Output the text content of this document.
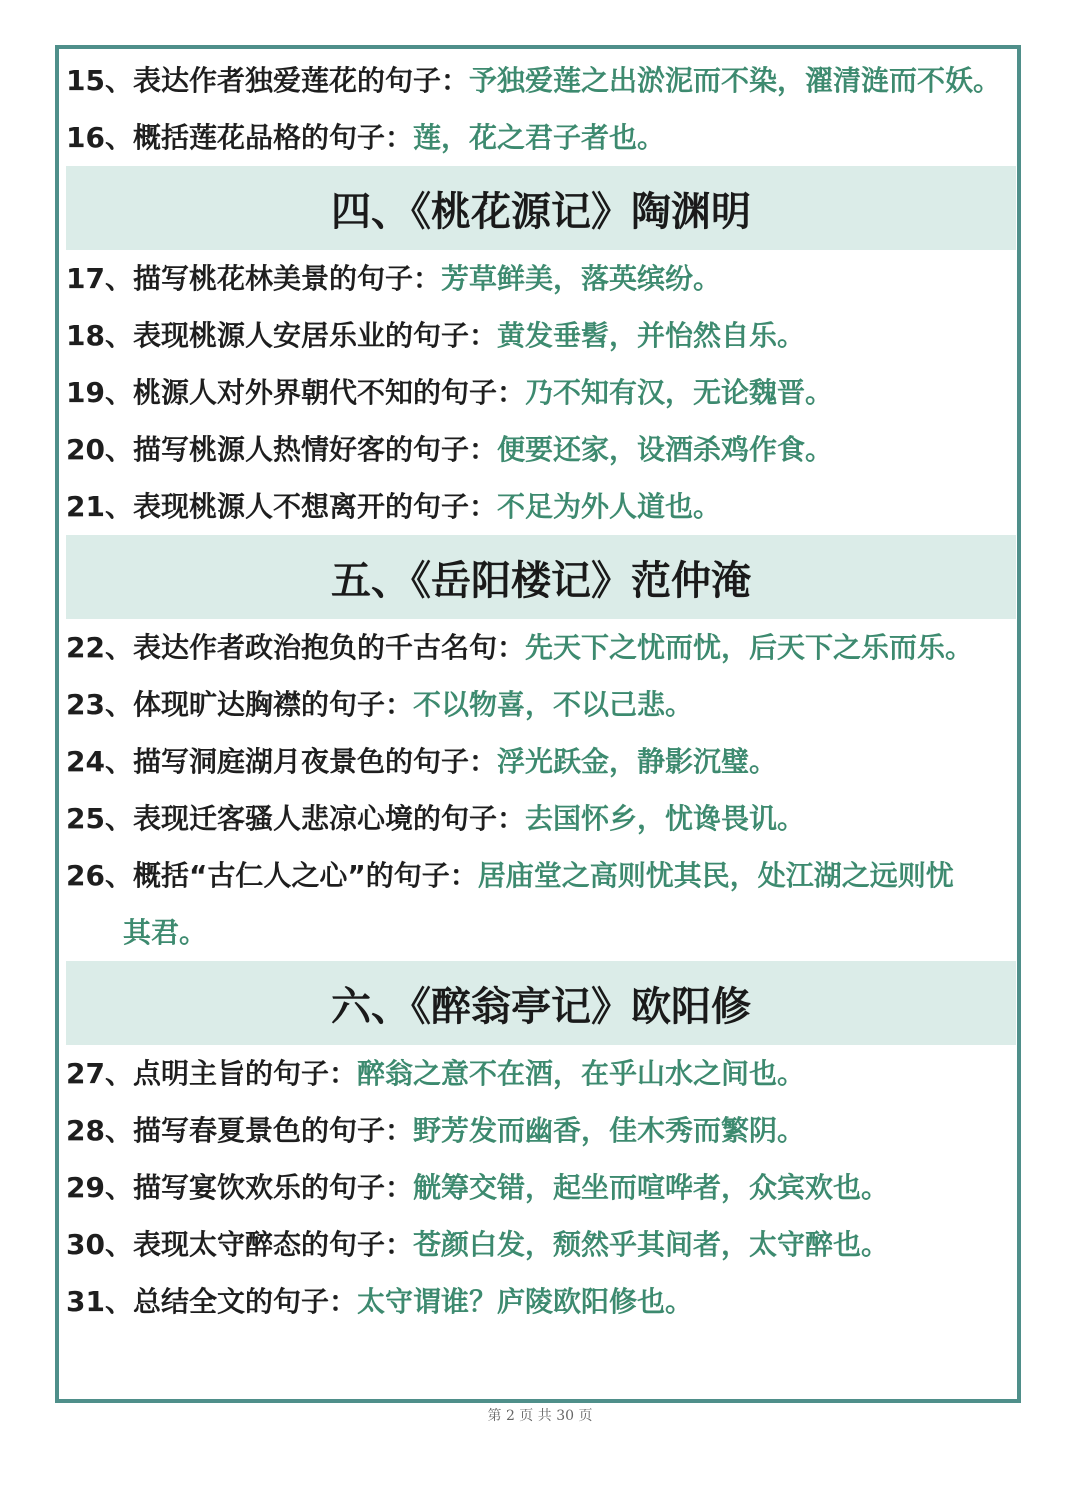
15、表达作者独爱莲花的句子：予独爱莲之出淤泥而不染，濯清涟而不妖。
16、概括莲花品格的句子：莲，花之君子者也。
四、《桃花源记》陶渊明
17、描写桃花林美景的句子：芳草鲜美，落英缤纷。
18、表现桃源人安居乐业的句子：黄发垂髫，并怡然自乐。
19、桃源人对外界朝代不知的句子：乃不知有汉，无论魏晋。
20、描写桃源人热情好客的句子：便要还家，设酒杀鸡作食。
21、表现桃源人不想离开的句子：不足为外人道也。
五、《岳阳楼记》范仲淹
22、表达作者政治抱负的千古名句：先天下之忧而忧，后天下之乐而乐。
23、体现旷达胸襟的句子：不以物喜，不以己悲。
24、描写洞庭湖月夜景色的句子：浮光跃金，静影沉璧。
25、表现迁客骚人悲凉心境的句子：去国怀乡，忧谗畏讥。
26、概括“古仁人之心”的句子：居庙堂之高则忧其民，处江湖之远则忧
其君。
六、《醉翁亭记》欧阳修
27、点明主旨的句子：醉翁之意不在酒，在乎山水之间也。
28、描写春夏景色的句子：野芳发而幽香，佳木秀而繁阴。
29、描写宴饮欢乐的句子：觥筹交错，起坐而喧哗者，众宾欢也。
30、表现太守醉态的句子：苍颜白发，颓然乎其间者，太守醉也。
31、总结全文的句子：太守谓谁？庐陵欧阳修也。
第 2 页 共 30 页
